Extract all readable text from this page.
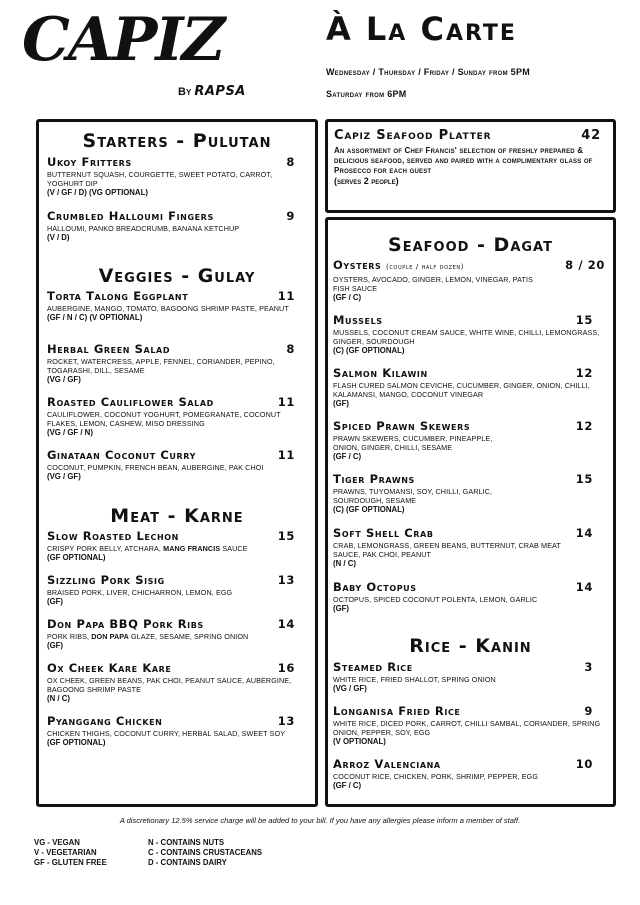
CAPIZ
By RAPSA
À La Carte
Wednesday / Thursday / Friday / Sunday from 5PM
Saturday from 6PM
Starters - Pulutan
Ukoy Fritters	8
BUTTERNUT SQUASH, COURGETTE, SWEET POTATO, CARROT, YOGHURT DIP
(V / GF / D) (VG OPTIONAL)
Crumbled Halloumi Fingers	9
HALLOUMI, PANKO BREADCRUMB, BANANA KETCHUP
(V / D)
Veggies - Gulay
Torta Talong Eggplant	11
AUBERGINE, MANGO, TOMATO, BAGOONG SHRIMP PASTE, PEANUT
(GF / N / C) (V OPTIONAL)
Herbal Green Salad	8
ROCKET, WATERCRESS, APPLE, FENNEL, CORIANDER, PEPINO, TOGARASHI, DILL, SESAME
(VG / GF)
Roasted Cauliflower Salad	11
CAULIFLOWER, COCONUT YOGHURT, POMEGRANATE, COCONUT FLAKES, LEMON, CASHEW, MISO DRESSING
(VG / GF / N)
Ginataan Coconut Curry	11
COCONUT, PUMPKIN, FRENCH BEAN, AUBERGINE, PAK CHOI
(VG / GF)
Meat - Karne
Slow Roasted Lechon	15
CRISPY PORK BELLY, ATCHARA, MANG FRANCIS SAUCE
(GF OPTIONAL)
Sizzling Pork Sisig	13
BRAISED PORK, LIVER, CHICHARRON, LEMON, EGG
(GF)
Don Papa BBQ Pork Ribs	14
PORK RIBS, DON PAPA GLAZE, SESAME, SPRING ONION
(GF)
Ox Cheek Kare Kare	16
OX CHEEK, GREEN BEANS, PAK CHOI, PEANUT SAUCE, AUBERGINE, BAGOONG SHRIMP PASTE
(N / C)
Pyanggang Chicken	13
CHICKEN THIGHS, COCONUT CURRY, HERBAL SALAD, SWEET SOY
(GF OPTIONAL)
Capiz Seafood Platter	42
An assortment of Chef Francis' selection of freshly prepared & delicious seafood, served and paired with a complimentary glass of Prosecco for each guest
(serves 2 people)
Seafood - Dagat
Oysters (couple / half dozen)	8 / 20
OYSTERS, AVOCADO, GINGER, LEMON, VINEGAR, PATIS FISH SAUCE
(GF / C)
Mussels	15
MUSSELS, COCONUT CREAM SAUCE, WHITE WINE, CHILLI, LEMONGRASS, GINGER, SOURDOUGH
(C) (GF OPTIONAL)
Salmon Kilawin	12
FLASH CURED SALMON CEVICHE, CUCUMBER, GINGER, ONION, CHILLI, KALAMANSI, MANGO, COCONUT VINEGAR
(GF)
Spiced Prawn Skewers	12
PRAWN SKEWERS, CUCUMBER, PINEAPPLE, ONION, GINGER, CHILLI, SESAME
(GF / C)
Tiger Prawns	15
PRAWNS, TUYOMANSI, SOY, CHILLI, GARLIC, SOURDOUGH, SESAME
(C) (GF OPTIONAL)
Soft Shell Crab	14
CRAB, LEMONGRASS, GREEN BEANS, BUTTERNUT, CRAB MEAT SAUCE, PAK CHOI, PEANUT
(N / C)
Baby Octopus	14
OCTOPUS, SPICED COCONUT POLENTA, LEMON, GARLIC
(GF)
Rice - Kanin
Steamed Rice	3
WHITE RICE, FRIED SHALLOT, SPRING ONION
(VG / GF)
Longanisa Fried Rice	9
WHITE RICE, DICED PORK, CARROT, CHILLI SAMBAL, CORIANDER, SPRING ONION, PEPPER, SOY, EGG
(V OPTIONAL)
Arroz Valenciana	10
COCONUT RICE, CHICKEN, PORK, SHRIMP, PEPPER, EGG
(GF / C)
A discretionary 12.5% service charge will be added to your bill. If you have any allergies please inform a member of staff.
VG - VEGAN
V - VEGETARIAN
GF - GLUTEN FREE
N - CONTAINS NUTS
C - CONTAINS CRUSTACEANS
D - CONTAINS DAIRY
